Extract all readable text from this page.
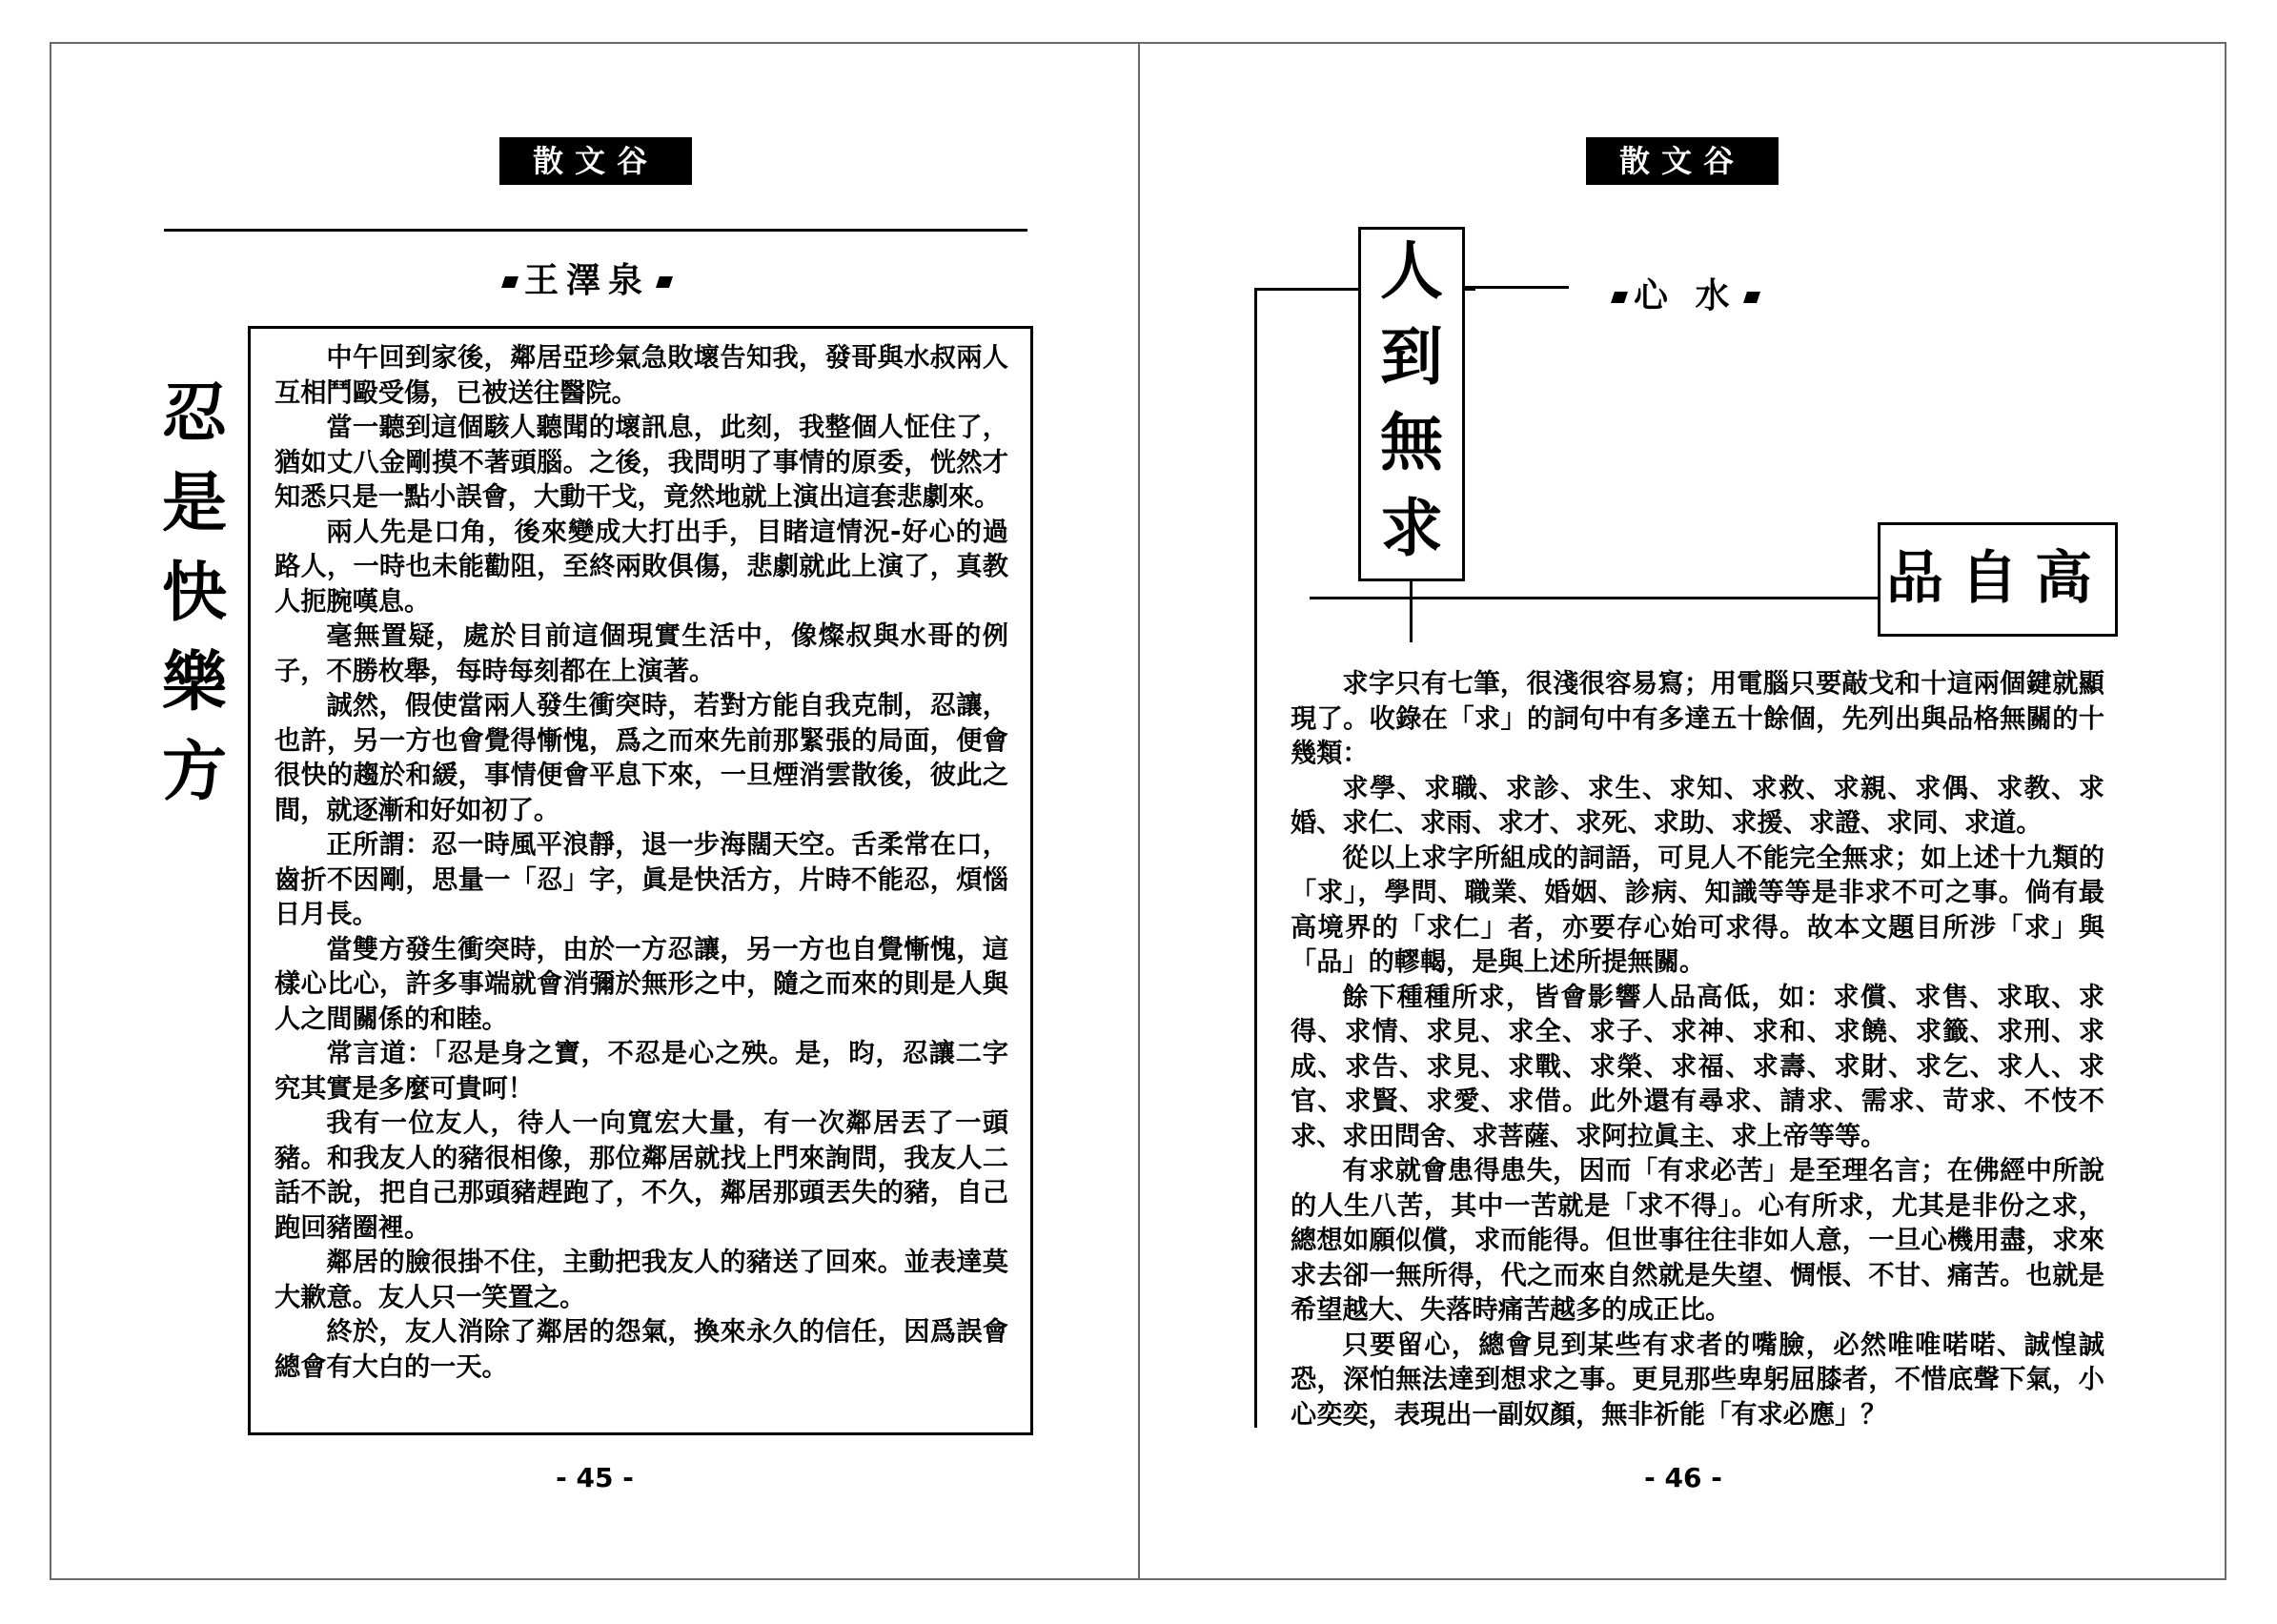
散文谷
王澤泉
忍是快樂方

中午回到家後，鄰居亞珍氣急敗壞告知我，發哥與水叔兩人互相鬥毆受傷，已被送往醫院。

當一聽到這個駭人聽聞的壞訊息，此刻，我整個人怔住了，猶如丈八金剛摸不著頭腦。之後，我問明了事情的原委，恍然才知悉只是一點小誤會，大動干戈，竟然地就上演出這套悲劇來。

兩人先是口角，後來變成大打出手，目睹這情況-好心的過路人，一時也未能勸阻，至終兩敗俱傷，悲劇就此上演了，真教人扼腕嘆息。

毫無置疑，處於目前這個現實生活中，像燦叔與水哥的例子，不勝枚舉，每時每刻都在上演著。

誠然，假使當兩人發生衝突時，若對方能自我克制，忍讓，也許，另一方也會覺得慚愧，爲之而來先前那緊張的局面，便會很快的趨於和緩，事情便會平息下來，一旦煙消雲散後，彼此之間，就逐漸和好如初了。

正所謂：忍一時風平浪靜，退一步海闊天空。舌柔常在口，齒折不因剛，思量一「忍」字，眞是快活方，片時不能忍，煩惱日月長。

當雙方發生衝突時，由於一方忍讓，另一方也自覺慚愧，這樣心比心，許多事端就會消彌於無形之中，隨之而來的則是人與人之間關係的和睦。

常言道：「忍是身之寶，不忍是心之殃。是，昀，忍讓二字究其實是多麼可貴呵！

我有一位友人，待人一向寬宏大量，有一次鄰居丟了一頭豬。和我友人的豬很相像，那位鄰居就找上門來詢問，我友人二話不說，把自己那頭豬趕跑了，不久，鄰居那頭丟失的豬，自己跑回豬圈裡。

鄰居的臉很掛不住，主動把我友人的豬送了回來。並表達莫大歉意。友人只一笑置之。

終於，友人消除了鄰居的怨氣，換來永久的信任，因爲誤會總會有大白的一天。

- 45 -
散文谷
人到無求
心 水
品自高

求字只有七筆，很淺很容易寫；用電腦只要敲戈和十這兩個鍵就顯現了。收錄在「求」的詞句中有多達五十餘個，先列出與品格無關的十幾類：

求學、求職、求診、求生、求知、求救、求親、求偶、求教、求婚、求仁、求雨、求才、求死、求助、求援、求證、求同、求道。

從以上求字所組成的詞語，可見人不能完全無求；如上述十九類的「求」，學問、職業、婚姻、診病、知識等等是非求不可之事。倘有最高境界的「求仁」者，亦要存心始可求得。故本文題目所涉「求」與「品」的轇輵，是與上述所提無關。

餘下種種所求，皆會影響人品高低，如：求償、求售、求取、求得、求情、求見、求全、求子、求神、求和、求饒、求籤、求刑、求成、求告、求見、求戰、求榮、求福、求壽、求財、求乞、求人、求官、求賢、求愛、求借。此外還有尋求、請求、需求、苛求、不忮不求、求田問舍、求菩薩、求阿拉眞主、求上帝等等。

有求就會患得患失，因而「有求必苦」是至理名言；在佛經中所說的人生八苦，其中一苦就是「求不得」。心有所求，尤其是非份之求，總想如願似償，求而能得。但世事往往非如人意，一旦心機用盡，求來求去卻一無所得，代之而來自然就是失望、惆悵、不甘、痛苦。也就是希望越大、失落時痛苦越多的成正比。

只要留心，總會見到某些有求者的嘴臉，必然唯唯喏喏、誠惶誠恐，深怕無法達到想求之事。更見那些卑躬屈膝者，不惜底聲下氣，小心奕奕，表現出一副奴顏，無非祈能「有求必應」？

- 46 -
